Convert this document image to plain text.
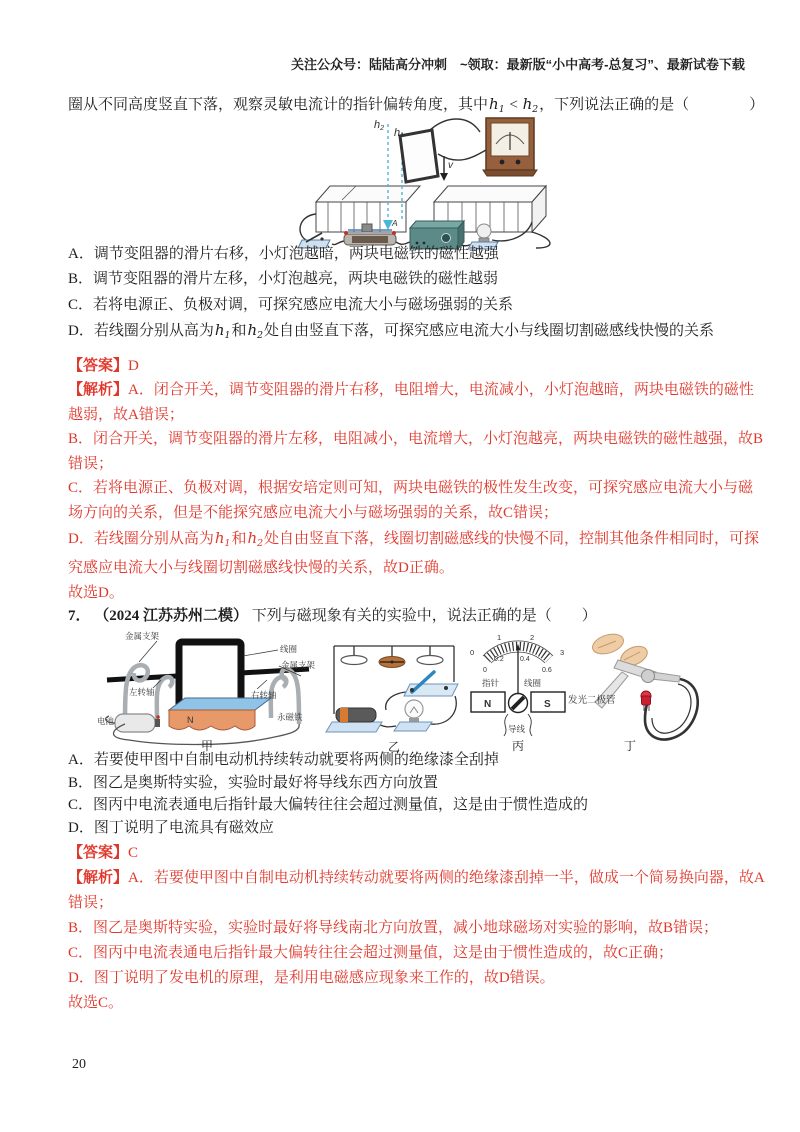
关注公众号：陆陆高分冲刺　~领取：最新版“小中高考-总复习”、最新试卷下载
圈从不同高度竖直下落，观察灵敏电流计的指针偏转角度，其中$h_1 < h_2$，下列说法正确的是（　　　　）
A
h2 h
v
A．调节变阻器的滑片右移，小灯泡越暗，两块电磁铁的磁性越强
B．调节变阻器的滑片左移，小灯泡越亮，两块电磁铁的磁性越弱
C．若将电源正、负极对调，可探究感应电流大小与磁场强弱的关系
D．若线圈分别从高为$h_1$和$h_2$处自由竖直下落，可探究感应电流大小与线圈切割磁感线快慢的关系
【答案】D
【解析】A．闭合开关，调节变阻器的滑片右移，电阻增大，电流减小，小灯泡越暗，两块电磁铁的磁性
越弱，故A错误；
B．闭合开关，调节变阻器的滑片左移，电阻减小，电流增大，小灯泡越亮，两块电磁铁的磁性越强，故B
错误；
C．若将电源正、负极对调，根据安培定则可知，两块电磁铁的极性发生改变，可探究感应电流大小与磁
场方向的关系，但是不能探究感应电流大小与磁场强弱的关系，故C错误；
D．若线圈分别从高为$h_1$和$h_2$处自由竖直下落，线圈切割磁感线的快慢不同，控制其他条件相同时，可探
究感应电流大小与线圈切割磁感线快慢的关系，故D正确。
故选D。
7． （2024 江苏苏州二模） 下列与磁现象有关的实验中，说法正确的是（　　）
N
金属支架
线圈
金属支架
左转轴	右转轴
永磁铁
电池
甲	乙
0
1	2
3
0
0.2 0.4
0.6
指针	线圈
N	S
导线
丙
发光二极管
丁
A．若要使甲图中自制电动机持续转动就要将两侧的绝缘漆全刮掉
B．图乙是奥斯特实验，实验时最好将导线东西方向放置
C．图丙中电流表通电后指针最大偏转往往会超过测量值，这是由于惯性造成的
D．图丁说明了电流具有磁效应
【答案】C
【解析】A．若要使甲图中自制电动机持续转动就要将两侧的绝缘漆刮掉一半，做成一个简易换向器，故A
错误；
B．图乙是奥斯特实验，实验时最好将导线南北方向放置，减小地球磁场对实验的影响，故B错误；
C．图丙中电流表通电后指针最大偏转往往会超过测量值，这是由于惯性造成的，故C正确；
D．图丁说明了发电机的原理，是利用电磁感应现象来工作的，故D错误。
故选C。
20
